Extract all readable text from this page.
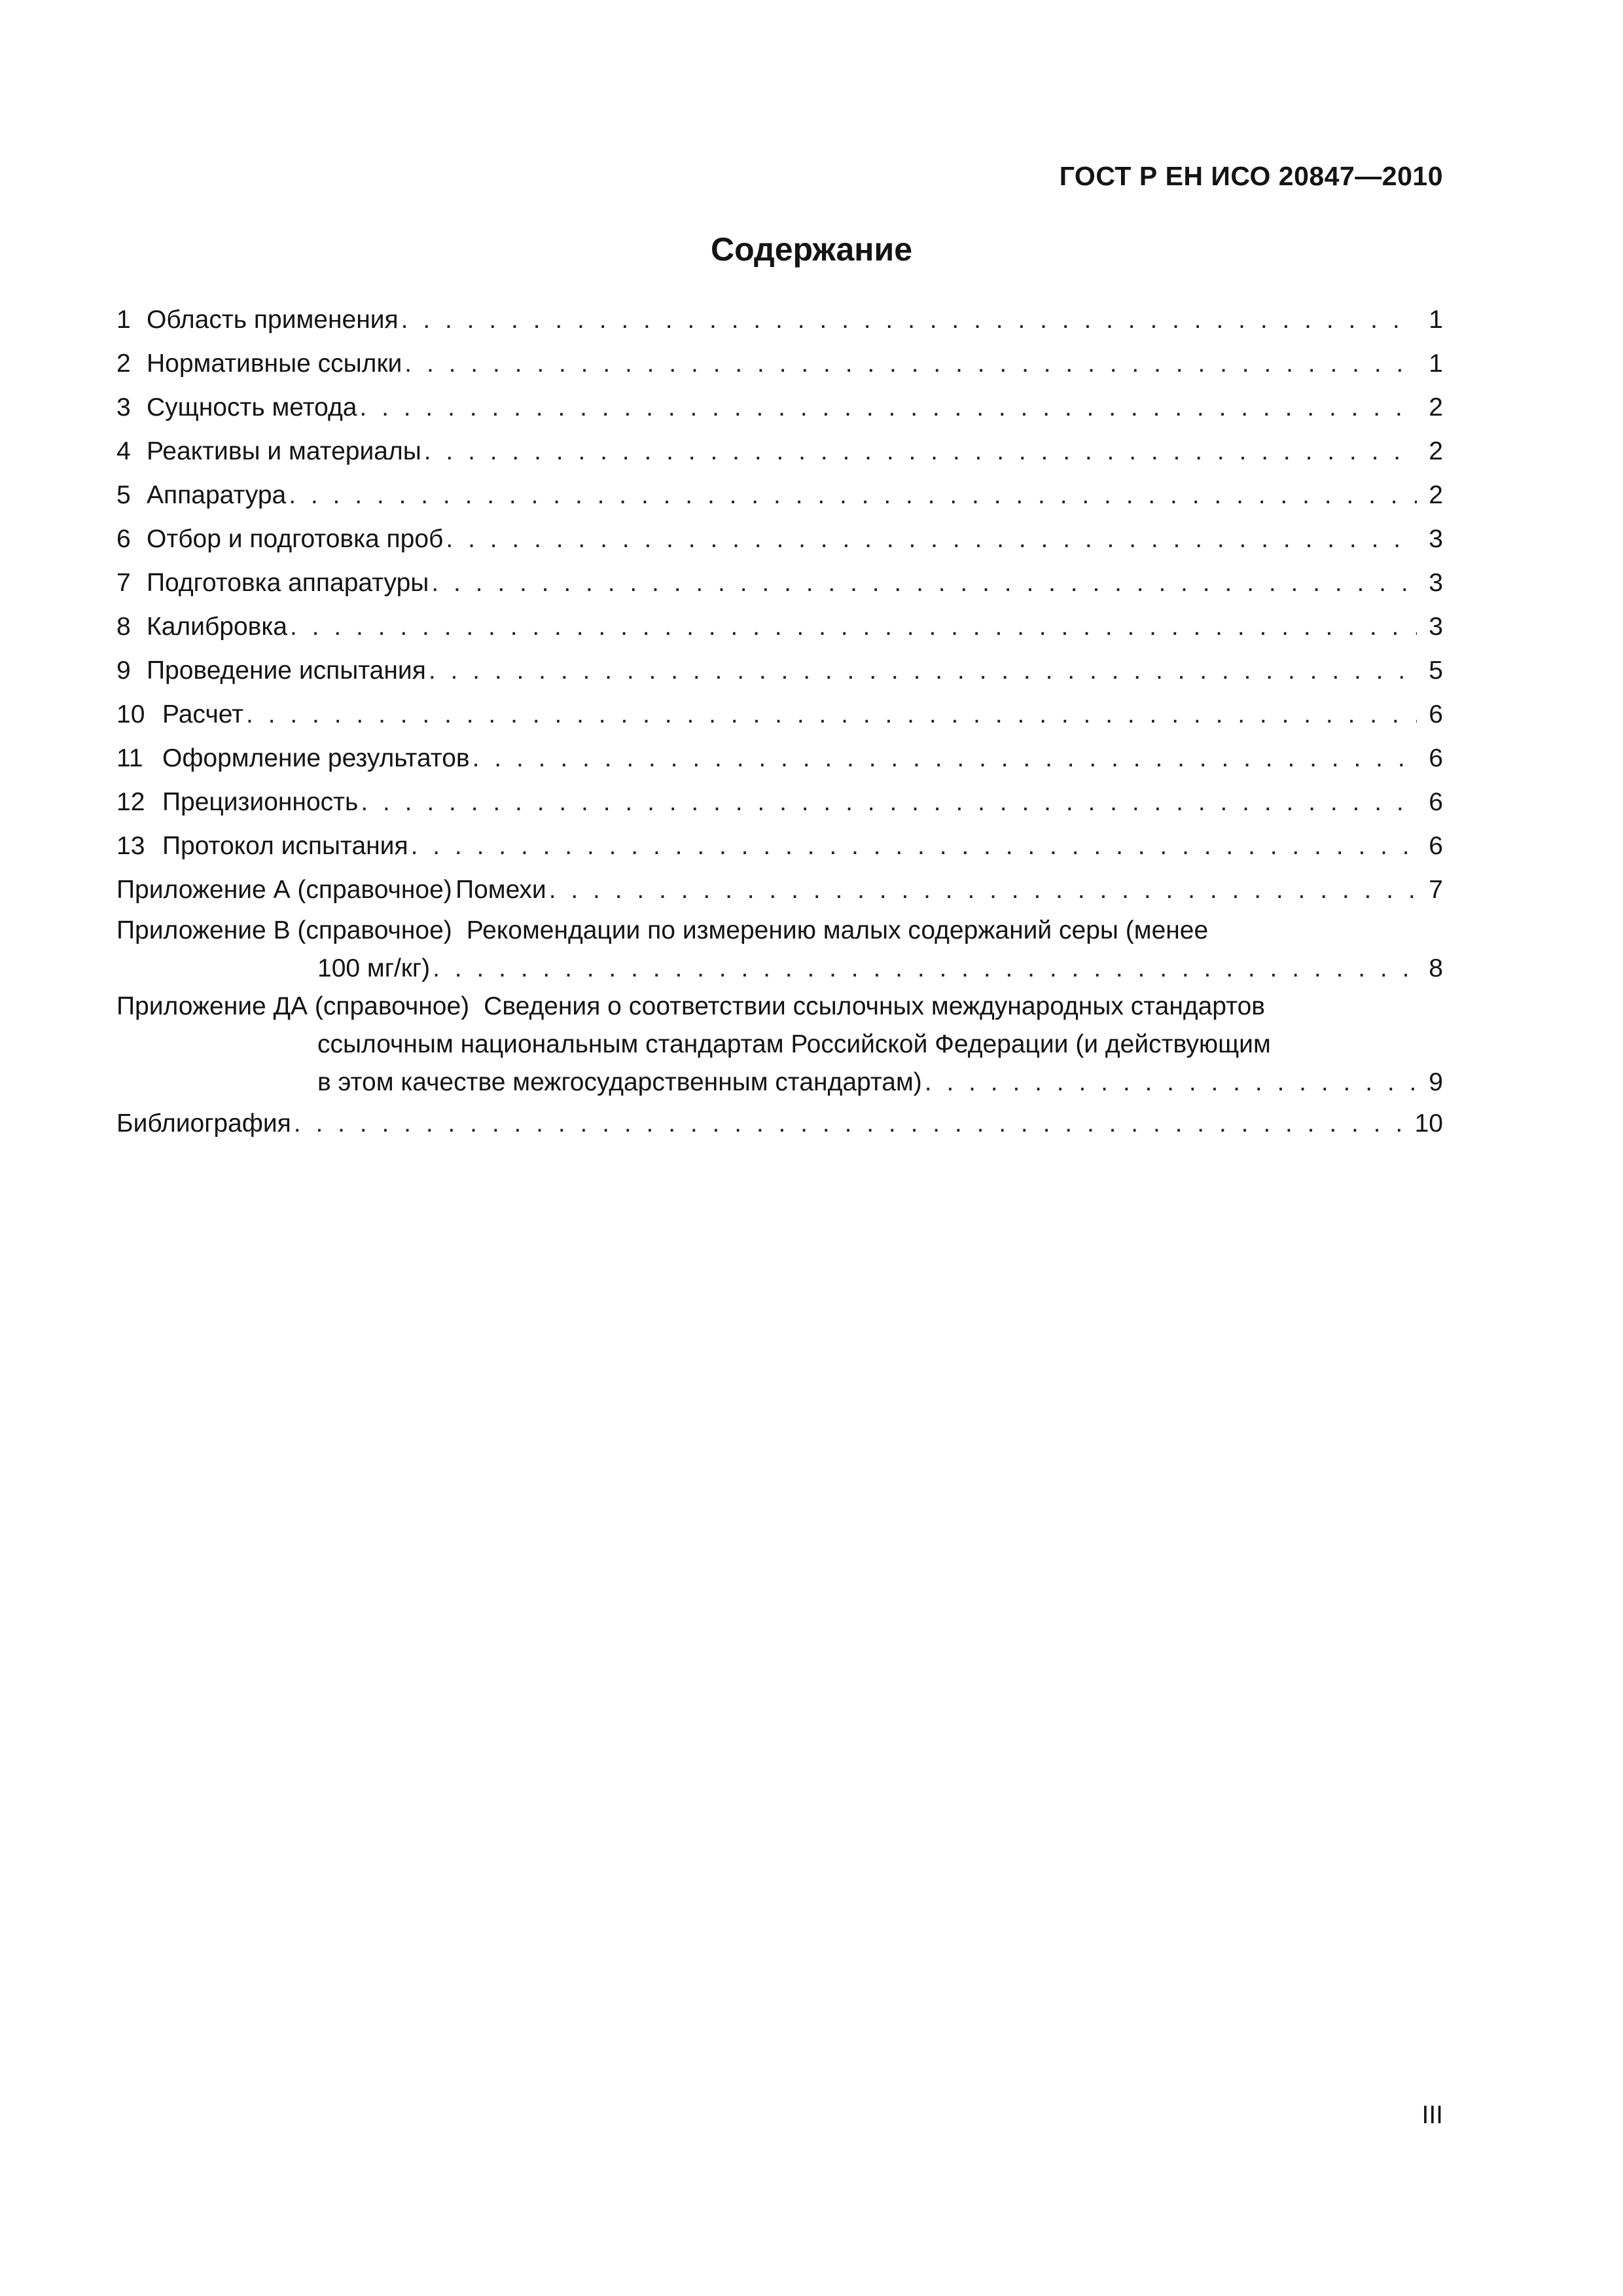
ГОСТ Р ЕН ИСО 20847—2010
Содержание
1 Область применения . . .	1
2 Нормативные ссылки . . .	1
3 Сущность метода . . .	2
4 Реактивы и материалы . . .	2
5 Аппаратура . . .	2
6 Отбор и подготовка проб . . .	3
7 Подготовка аппаратуры . . .	3
8 Калибровка . . .	3
9 Проведение испытания . . .	5
10 Расчет . . .	6
11 Оформление результатов . . .	6
12 Прецизионность . . .	6
13 Протокол испытания . . .	6
Приложение А (справочное) Помехи . . .	7
Приложение В (справочное) Рекомендации по измерению малых содержаний серы (менее
100 мг/кг) . . .	8
Приложение ДА (справочное) Сведения о соответствии ссылочных международных стандартов
ссылочным национальным стандартам Российской Федерации (и действующим
в этом качестве межгосударственным стандартам) . . .	9
Библиография . . .	10
III
